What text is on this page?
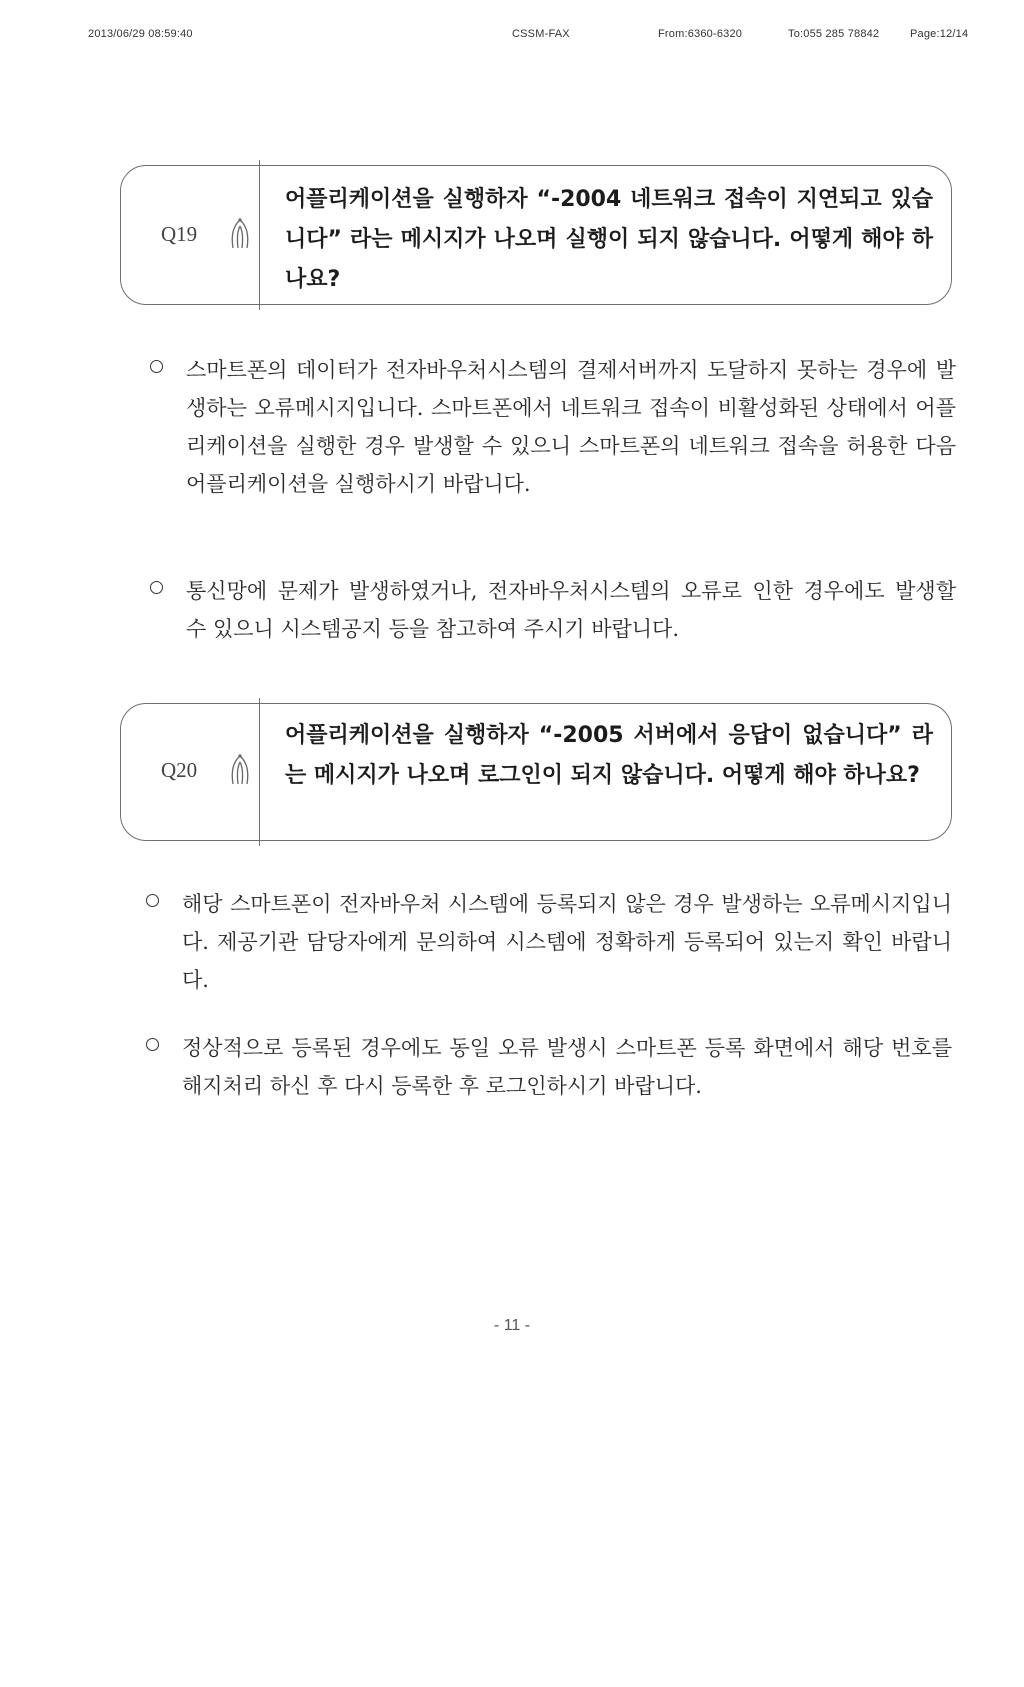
2013/06/29 08:59:40	CSSM-FAX	From:6360-6320	To:055 285 78842	Page:12/14
Q19
어플리케이션을 실행하자 “-2004 네트워크 접속이 지연되고 있습니다” 라는 메시지가 나오며 실행이 되지 않습니다. 어떻게 해야 하나요?
스마트폰의 데이터가 전자바우처시스템의 결제서버까지 도달하지 못하는 경우에 발생하는 오류메시지입니다. 스마트폰에서 네트워크 접속이 비활성화된 상태에서 어플리케이션을 실행한 경우 발생할 수 있으니 스마트폰의 네트워크 접속을 허용한 다음 어플리케이션을 실행하시기 바랍니다.
통신망에 문제가 발생하였거나, 전자바우처시스템의 오류로 인한 경우에도 발생할 수 있으니 시스템공지 등을 참고하여 주시기 바랍니다.
Q20
어플리케이션을 실행하자 “-2005 서버에서 응답이 없습니다” 라는 메시지가 나오며 로그인이 되지 않습니다. 어떻게 해야 하나요?
해당 스마트폰이 전자바우처 시스템에 등록되지 않은 경우 발생하는 오류메시지입니다. 제공기관 담당자에게 문의하여 시스템에 정확하게 등록되어 있는지 확인 바랍니다.
정상적으로 등록된 경우에도 동일 오류 발생시 스마트폰 등록 화면에서 해당 번호를 해지처리 하신 후 다시 등록한 후 로그인하시기 바랍니다.
- 11 -
